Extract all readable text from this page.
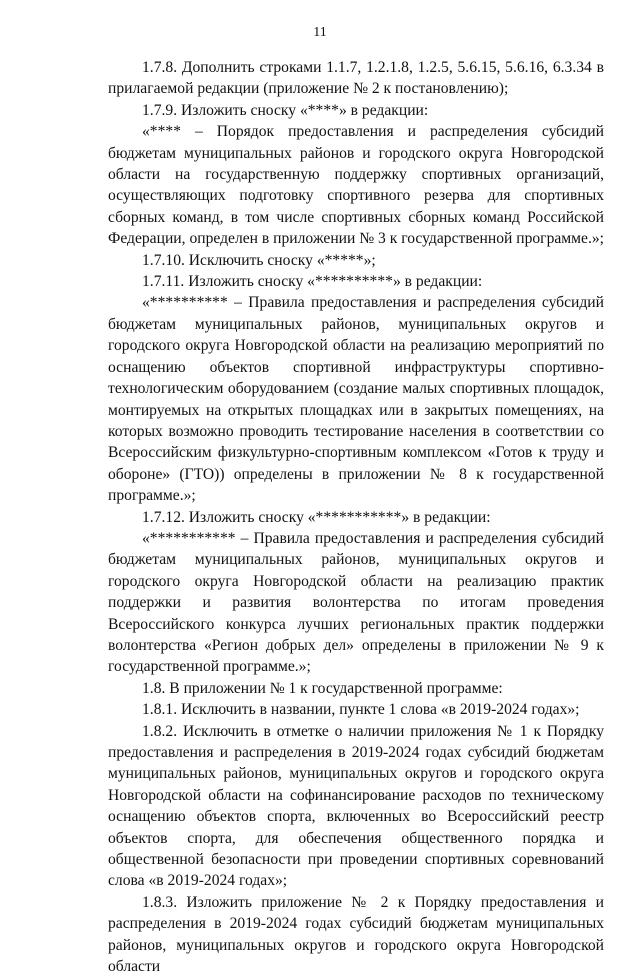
11

1.7.8. Дополнить строками 1.1.7, 1.2.1.8, 1.2.5, 5.6.15, 5.6.16, 6.3.34 в прилагаемой редакции (приложение № 2 к постановлению);

1.7.9. Изложить сноску «****» в редакции:

«**** – Порядок предоставления и распределения субсидий бюджетам муниципальных районов и городского округа Новгородской области на государственную поддержку спортивных организаций, осуществляющих подготовку спортивного резерва для спортивных сборных команд, в том числе спортивных сборных команд Российской Федерации, определен в приложении № 3 к государственной программе.»;

1.7.10. Исключить сноску «*****»;

1.7.11. Изложить сноску «**********» в редакции:

«********** – Правила предоставления и распределения субсидий бюджетам муниципальных районов, муниципальных округов и городского округа Новгородской области на реализацию мероприятий по оснащению объектов спортивной инфраструктуры спортивно-технологическим оборудованием (создание малых спортивных площадок, монтируемых на открытых площадках или в закрытых помещениях, на которых возможно проводить тестирование населения в соответствии со Всероссийским физкультурно-спортивным комплексом «Готов к труду и обороне» (ГТО)) определены в приложении № 8 к государственной программе.»;

1.7.12. Изложить сноску «***********» в редакции:

«*********** – Правила предоставления и распределения субсидий бюджетам муниципальных районов, муниципальных округов и городского округа Новгородской области на реализацию практик поддержки и развития волонтерства по итогам проведения Всероссийского конкурса лучших региональных практик поддержки волонтерства «Регион добрых дел» определены в приложении № 9 к государственной программе.»;

1.8. В приложении № 1 к государственной программе:

1.8.1. Исключить в названии, пункте 1 слова «в 2019-2024 годах»;

1.8.2. Исключить в отметке о наличии приложения № 1 к Порядку предоставления и распределения в 2019-2024 годах субсидий бюджетам муниципальных районов, муниципальных округов и городского округа Новгородской области на софинансирование расходов по техническому оснащению объектов спорта, включенных во Всероссийский реестр объектов спорта, для обеспечения общественного порядка и общественной безопасности при проведении спортивных соревнований слова «в 2019-2024 годах»;

1.8.3. Изложить приложение № 2 к Порядку предоставления и распределения в 2019-2024 годах субсидий бюджетам муниципальных районов, муниципальных округов и городского округа Новгородской области
